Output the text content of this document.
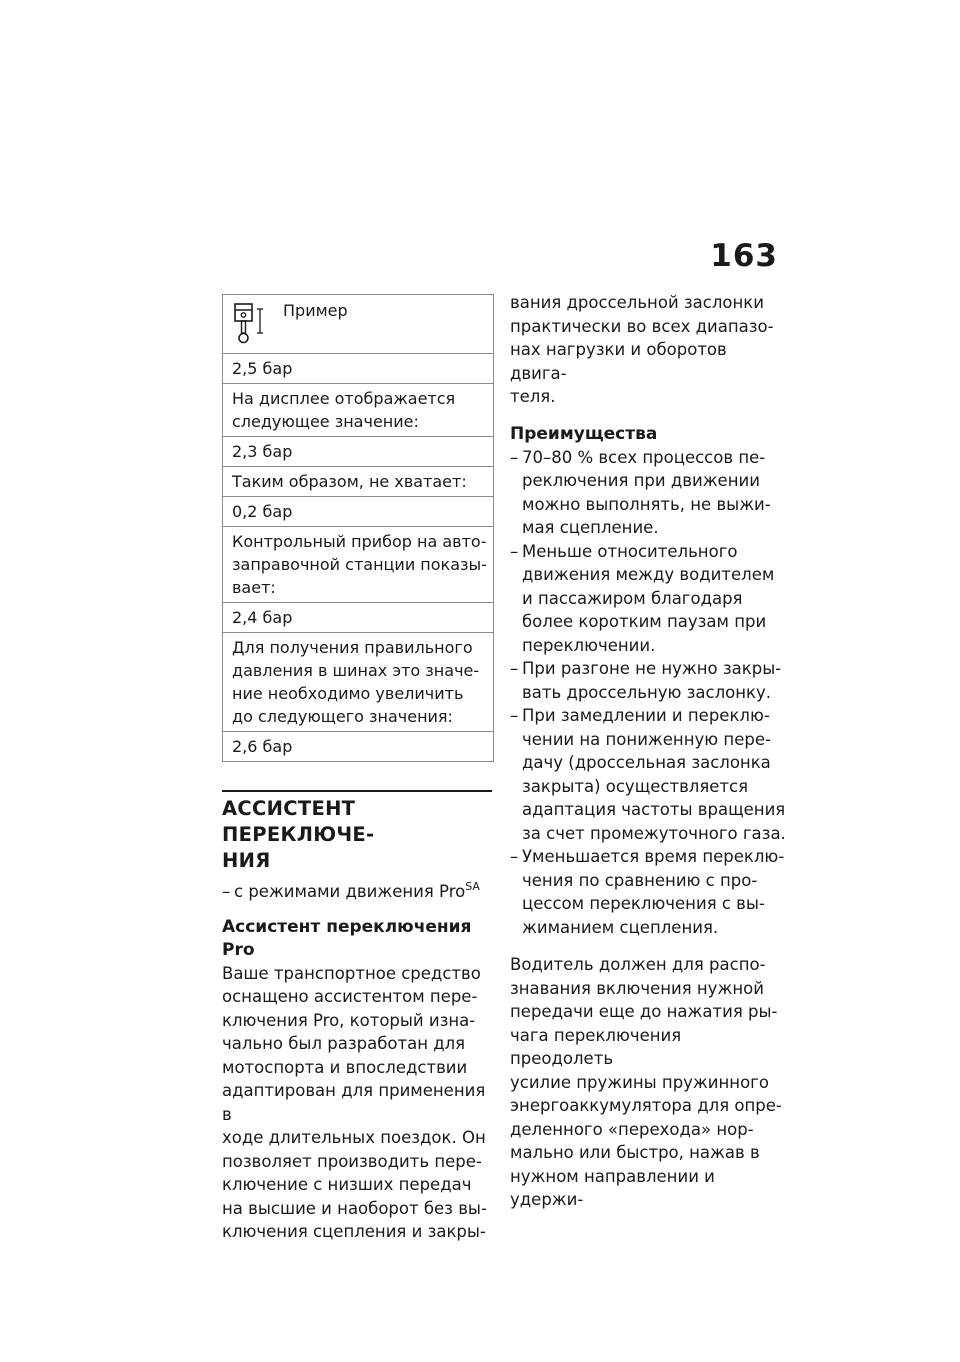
163
Пример
2,5 бар
На дисплее отображается
следующее значение:
2,3 бар
Таким образом, не хватает:
0,2 бар
Контрольный прибор на авто-
заправочной станции показы-
вает:
2,4 бар
Для получения правильного
давления в шинах это значе-
ние необходимо увеличить
до следующего значения:
2,6 бар
АССИСТЕНТ ПЕРЕКЛЮЧЕ-
НИЯ
– с режимами движения Pro$^{SA}$
Ассистент переключения
Pro
Ваше транспортное средство
оснащено ассистентом пере-
ключения Pro, который изна-
чально был разработан для
мотоспорта и впоследствии
адаптирован для применения в
ходе длительных поездок. Он
позволяет производить пере-
ключение с низших передач
на высшие и наоборот без вы-
ключения сцепления и закры-
вания дроссельной заслонки
практически во всех диапазо-
нах нагрузки и оборотов двига-
теля.
Преимущества
– 70–80 % всех процессов пе-
реключения при движении
можно выполнять, не выжи-
мая сцепление.
– Меньше относительного
движения между водителем
и пассажиром благодаря
более коротким паузам при
переключении.
– При разгоне не нужно закры-
вать дроссельную заслонку.
– При замедлении и переклю-
чении на пониженную пере-
дачу (дроссельная заслонка
закрыта) осуществляется
адаптация частоты вращения
за счет промежуточного газа.
– Уменьшается время переклю-
чения по сравнению с про-
цессом переключения с вы-
жиманием сцепления.
Водитель должен для распо-
знавания включения нужной
передачи еще до нажатия ры-
чага переключения преодолеть
усилие пружины пружинного
энергоаккумулятора для опре-
деленного «перехода» нор-
мально или быстро, нажав в
нужном направлении и удержи-
